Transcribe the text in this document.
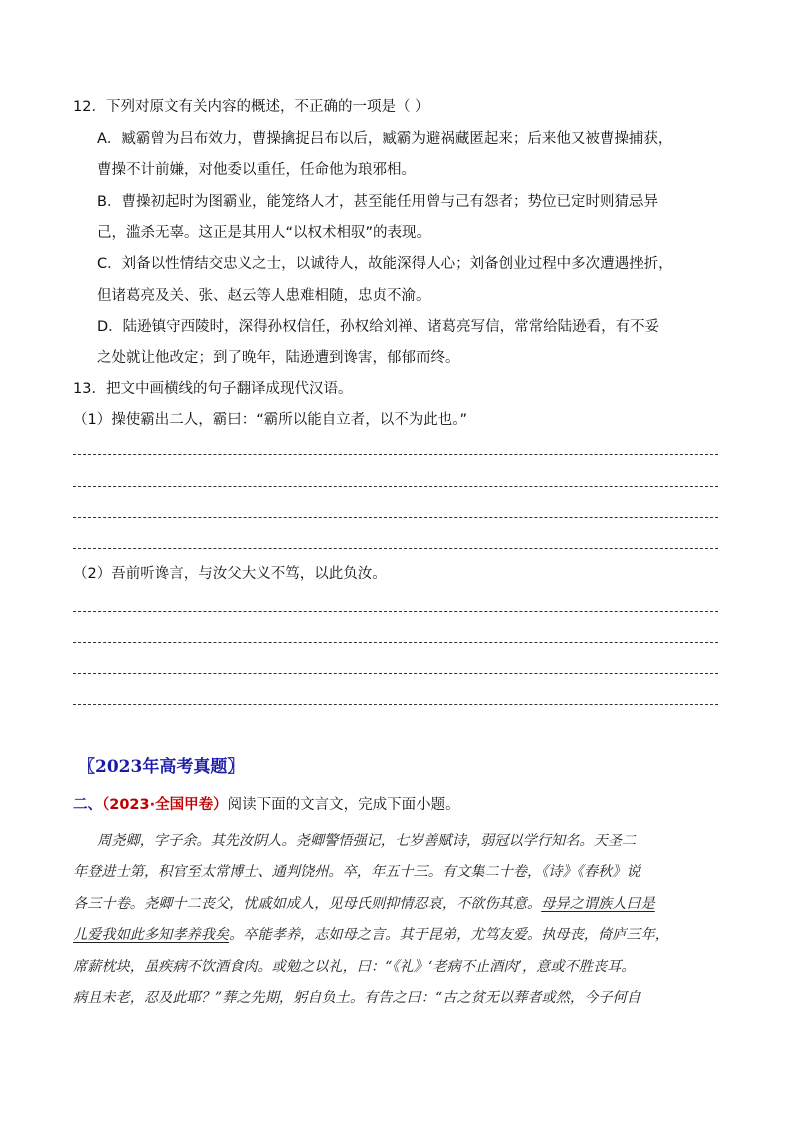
12．下列对原文有关内容的概述，不正确的一项是（ ）
A．臧霸曾为吕布效力，曹操擒捉吕布以后，臧霸为避祸藏匿起来；后来他又被曹操捕获，
曹操不计前嫌，对他委以重任，任命他为琅邪相。
B．曹操初起时为图霸业，能笼络人才，甚至能任用曾与己有怨者；势位已定时则猜忌异
己，滥杀无辜。这正是其用人“以权术相驭”的表现。
C．刘备以性情结交忠义之士，以诚待人，故能深得人心；刘备创业过程中多次遭遇挫折，
但诸葛亮及关、张、赵云等人患难相随，忠贞不渝。
D．陆逊镇守西陵时，深得孙权信任，孙权给刘禅、诸葛亮写信，常常给陆逊看，有不妥
之处就让他改定；到了晚年，陆逊遭到谗害，郁郁而终。
13．把文中画横线的句子翻译成现代汉语。
（1）操使霸出二人，霸曰：“霸所以能自立者，以不为此也。”
（2）吾前听谗言，与汝父大义不笃，以此负汝。
〖2023年高考真题〗
二、（2023·全国甲卷）阅读下面的文言文，完成下面小题。
周尧卿，字子余。其先汝阴人。尧卿警悟强记，七岁善赋诗，弱冠以学行知名。天圣二
年登进士第，积官至太常博士、通判饶州。卒，年五十三。有文集二十卷，《诗》《春秋》说
各三十卷。尧卿十二丧父，忧戚如成人，见母氏则抑情忍哀，不欲伤其意。母异之谓族人曰是
儿爱我如此多知孝养我矣。卒能孝养，志如母之言。其于昆弟，尤笃友爱。执母丧，倚庐三年，
席薪枕块，虽疾病不饮酒食肉。或勉之以礼，曰：“《礼》‘老病不止酒肉’，意或不胜丧耳。
病且未老，忍及此耶？”葬之先期，躬自负土。有告之曰：“古之贫无以葬者或然，今子何自
